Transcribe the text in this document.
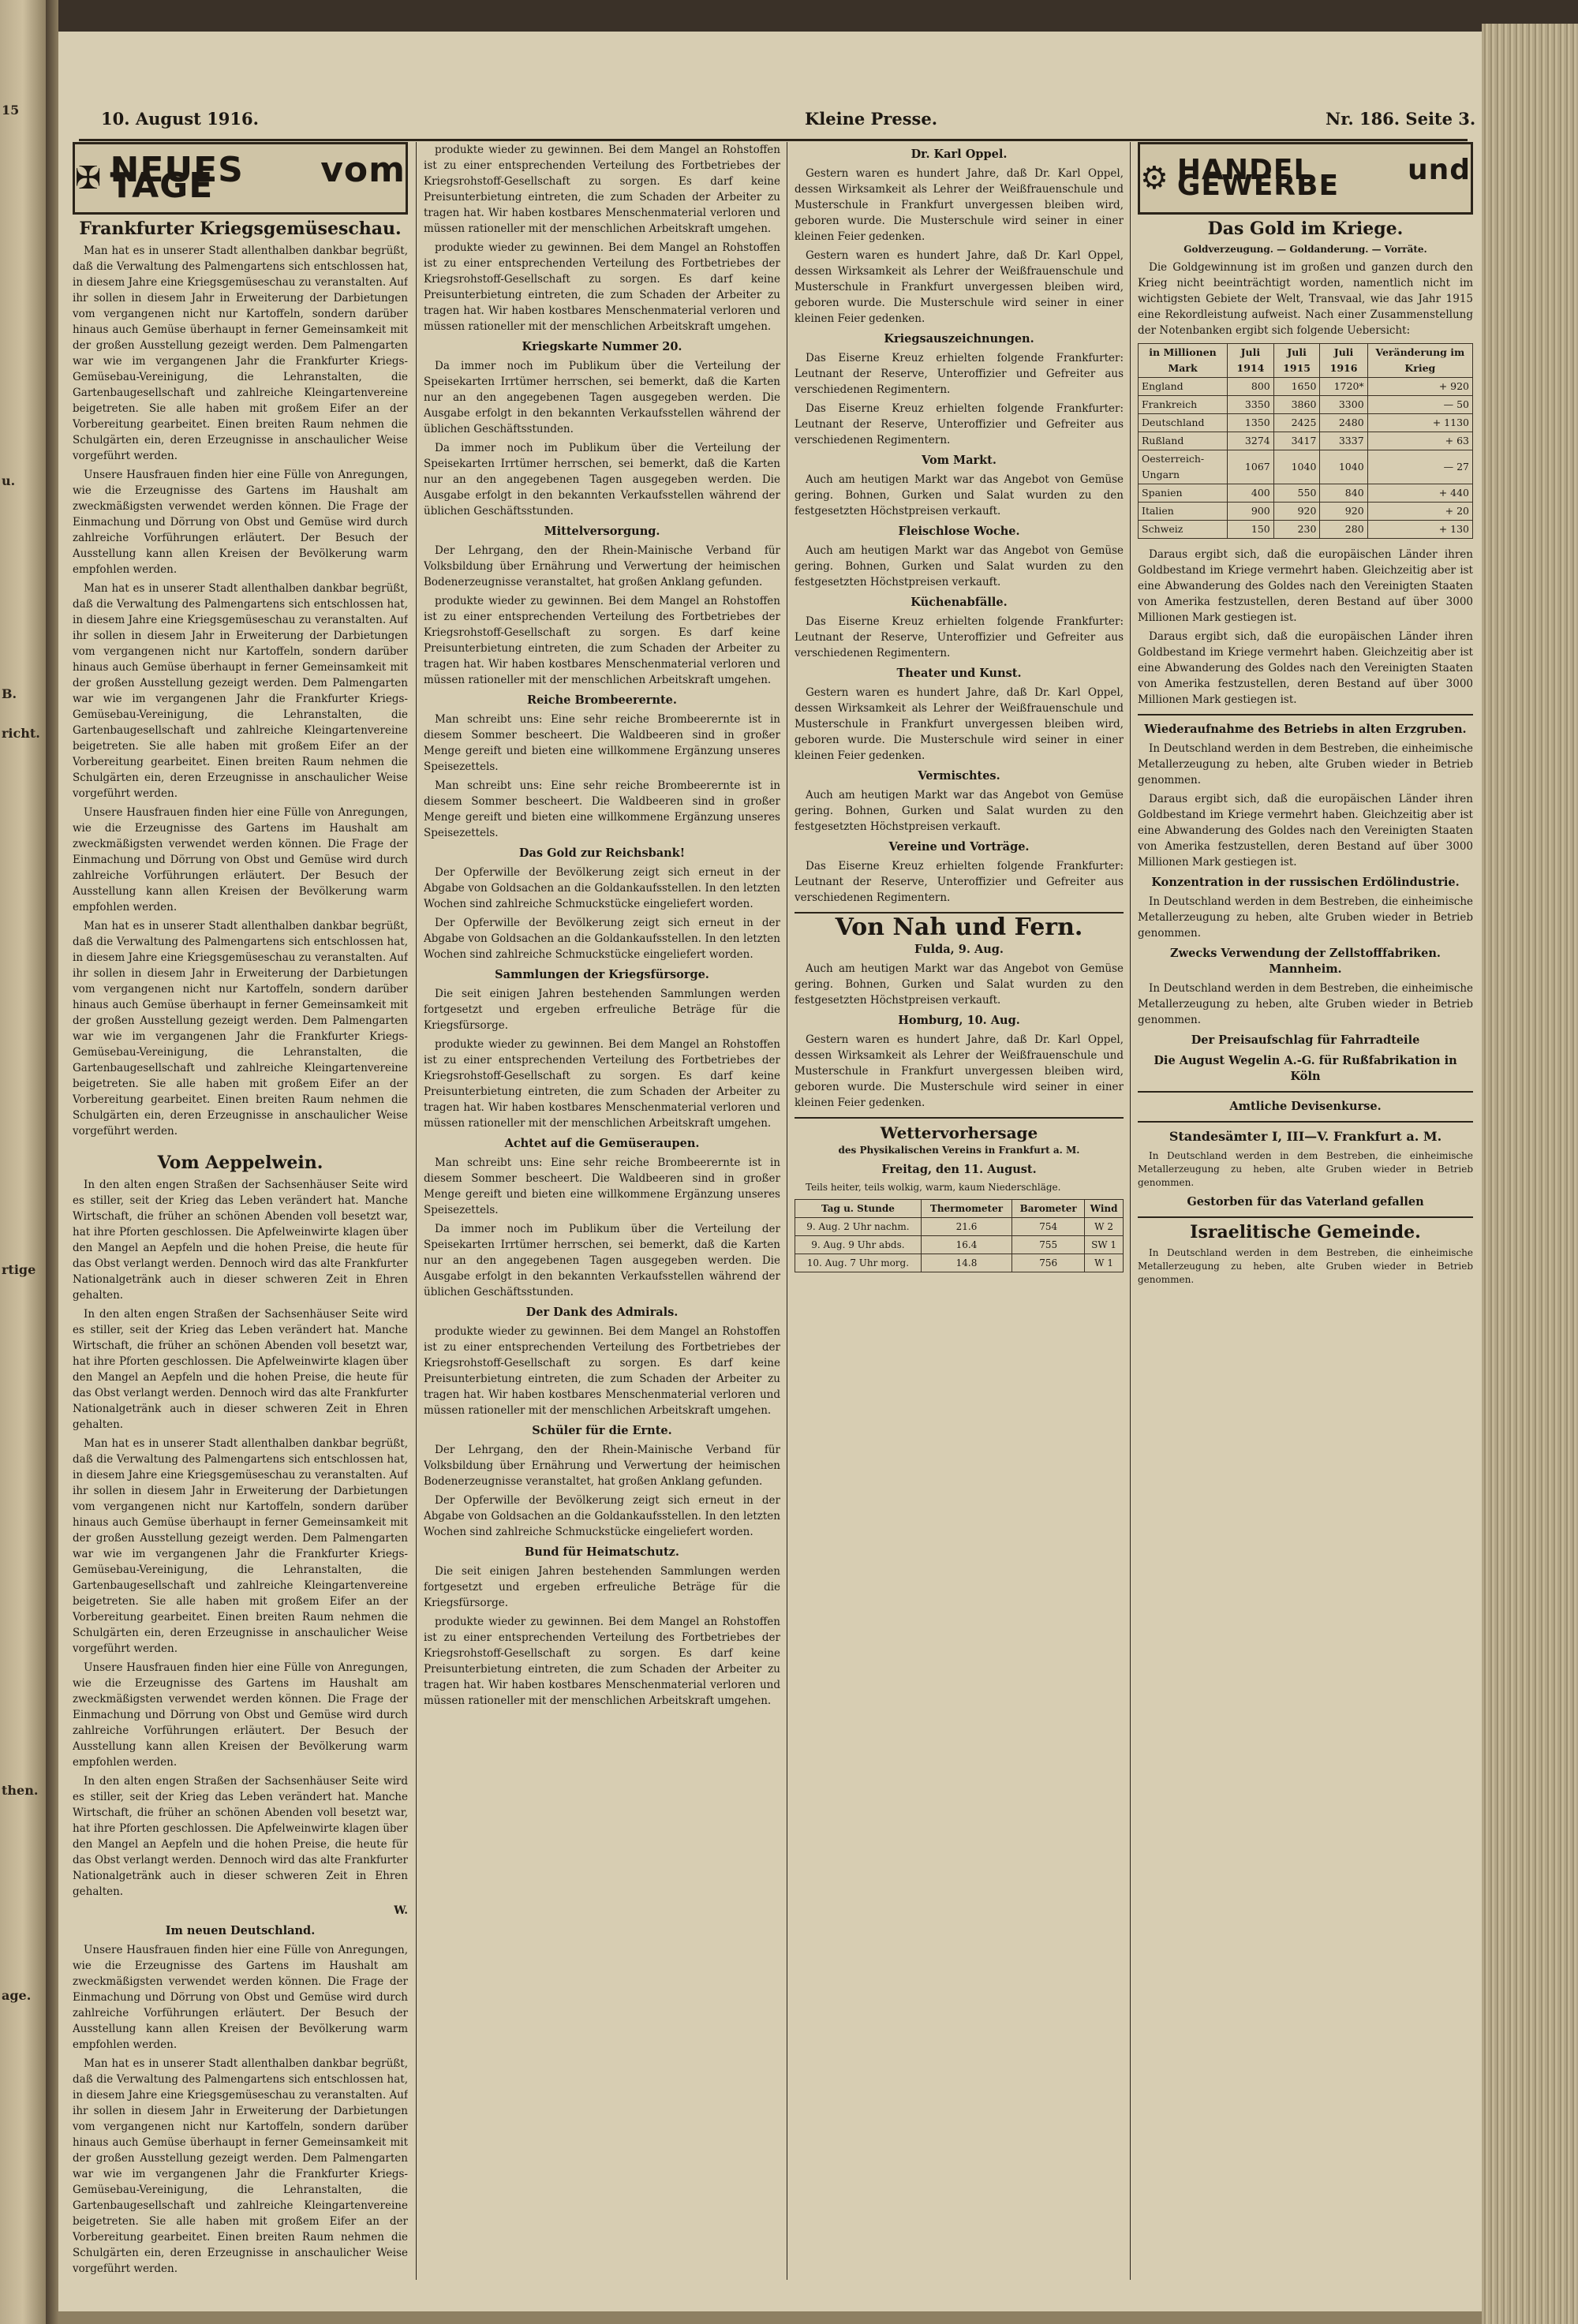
15
u.
B.
richt.
rtige
then.
age.
10. August 1916.	Kleine Presse.	Nr. 186. Seite 3.
✠ NEUES vom TAGE
Frankfurter Kriegsgemüseschau.

Man hat es in unserer Stadt allenthalben dankbar begrüßt, daß die Verwaltung des Palmengartens sich entschlossen hat, in diesem Jahre eine Kriegsgemüseschau zu veranstalten. Auf ihr sollen in diesem Jahr in Erweiterung der Darbietungen vom vergangenen nicht nur Kartoffeln, sondern darüber hinaus auch Gemüse überhaupt in ferner Gemeinsamkeit mit der großen Ausstellung gezeigt werden. Dem Palmengarten war wie im vergangenen Jahr die Frankfurter Kriegs-Gemüsebau-Vereinigung, die Lehranstalten, die Gartenbaugesellschaft und zahlreiche Kleingartenvereine beigetreten. Sie alle haben mit großem Eifer an der Vorbereitung gearbeitet. Einen breiten Raum nehmen die Schulgärten ein, deren Erzeugnisse in anschaulicher Weise vorgeführt werden.

Unsere Hausfrauen finden hier eine Fülle von Anregungen, wie die Erzeugnisse des Gartens im Haushalt am zweckmäßigsten verwendet werden können. Die Frage der Einmachung und Dörrung von Obst und Gemüse wird durch zahlreiche Vorführungen erläutert. Der Besuch der Ausstellung kann allen Kreisen der Bevölkerung warm empfohlen werden.

Man hat es in unserer Stadt allenthalben dankbar begrüßt, daß die Verwaltung des Palmengartens sich entschlossen hat, in diesem Jahre eine Kriegsgemüseschau zu veranstalten. Auf ihr sollen in diesem Jahr in Erweiterung der Darbietungen vom vergangenen nicht nur Kartoffeln, sondern darüber hinaus auch Gemüse überhaupt in ferner Gemeinsamkeit mit der großen Ausstellung gezeigt werden. Dem Palmengarten war wie im vergangenen Jahr die Frankfurter Kriegs-Gemüsebau-Vereinigung, die Lehranstalten, die Gartenbaugesellschaft und zahlreiche Kleingartenvereine beigetreten. Sie alle haben mit großem Eifer an der Vorbereitung gearbeitet. Einen breiten Raum nehmen die Schulgärten ein, deren Erzeugnisse in anschaulicher Weise vorgeführt werden.

Unsere Hausfrauen finden hier eine Fülle von Anregungen, wie die Erzeugnisse des Gartens im Haushalt am zweckmäßigsten verwendet werden können. Die Frage der Einmachung und Dörrung von Obst und Gemüse wird durch zahlreiche Vorführungen erläutert. Der Besuch der Ausstellung kann allen Kreisen der Bevölkerung warm empfohlen werden.

Man hat es in unserer Stadt allenthalben dankbar begrüßt, daß die Verwaltung des Palmengartens sich entschlossen hat, in diesem Jahre eine Kriegsgemüseschau zu veranstalten. Auf ihr sollen in diesem Jahr in Erweiterung der Darbietungen vom vergangenen nicht nur Kartoffeln, sondern darüber hinaus auch Gemüse überhaupt in ferner Gemeinsamkeit mit der großen Ausstellung gezeigt werden. Dem Palmengarten war wie im vergangenen Jahr die Frankfurter Kriegs-Gemüsebau-Vereinigung, die Lehranstalten, die Gartenbaugesellschaft und zahlreiche Kleingartenvereine beigetreten. Sie alle haben mit großem Eifer an der Vorbereitung gearbeitet. Einen breiten Raum nehmen die Schulgärten ein, deren Erzeugnisse in anschaulicher Weise vorgeführt werden.

Vom Aeppelwein.

In den alten engen Straßen der Sachsenhäuser Seite wird es stiller, seit der Krieg das Leben verändert hat. Manche Wirtschaft, die früher an schönen Abenden voll besetzt war, hat ihre Pforten geschlossen. Die Apfelweinwirte klagen über den Mangel an Aepfeln und die hohen Preise, die heute für das Obst verlangt werden. Dennoch wird das alte Frankfurter Nationalgetränk auch in dieser schweren Zeit in Ehren gehalten.

In den alten engen Straßen der Sachsenhäuser Seite wird es stiller, seit der Krieg das Leben verändert hat. Manche Wirtschaft, die früher an schönen Abenden voll besetzt war, hat ihre Pforten geschlossen. Die Apfelweinwirte klagen über den Mangel an Aepfeln und die hohen Preise, die heute für das Obst verlangt werden. Dennoch wird das alte Frankfurter Nationalgetränk auch in dieser schweren Zeit in Ehren gehalten.

Man hat es in unserer Stadt allenthalben dankbar begrüßt, daß die Verwaltung des Palmengartens sich entschlossen hat, in diesem Jahre eine Kriegsgemüseschau zu veranstalten. Auf ihr sollen in diesem Jahr in Erweiterung der Darbietungen vom vergangenen nicht nur Kartoffeln, sondern darüber hinaus auch Gemüse überhaupt in ferner Gemeinsamkeit mit der großen Ausstellung gezeigt werden. Dem Palmengarten war wie im vergangenen Jahr die Frankfurter Kriegs-Gemüsebau-Vereinigung, die Lehranstalten, die Gartenbaugesellschaft und zahlreiche Kleingartenvereine beigetreten. Sie alle haben mit großem Eifer an der Vorbereitung gearbeitet. Einen breiten Raum nehmen die Schulgärten ein, deren Erzeugnisse in anschaulicher Weise vorgeführt werden.

Unsere Hausfrauen finden hier eine Fülle von Anregungen, wie die Erzeugnisse des Gartens im Haushalt am zweckmäßigsten verwendet werden können. Die Frage der Einmachung und Dörrung von Obst und Gemüse wird durch zahlreiche Vorführungen erläutert. Der Besuch der Ausstellung kann allen Kreisen der Bevölkerung warm empfohlen werden.

In den alten engen Straßen der Sachsenhäuser Seite wird es stiller, seit der Krieg das Leben verändert hat. Manche Wirtschaft, die früher an schönen Abenden voll besetzt war, hat ihre Pforten geschlossen. Die Apfelweinwirte klagen über den Mangel an Aepfeln und die hohen Preise, die heute für das Obst verlangt werden. Dennoch wird das alte Frankfurter Nationalgetränk auch in dieser schweren Zeit in Ehren gehalten.

W.
Im neuen Deutschland.

Unsere Hausfrauen finden hier eine Fülle von Anregungen, wie die Erzeugnisse des Gartens im Haushalt am zweckmäßigsten verwendet werden können. Die Frage der Einmachung und Dörrung von Obst und Gemüse wird durch zahlreiche Vorführungen erläutert. Der Besuch der Ausstellung kann allen Kreisen der Bevölkerung warm empfohlen werden.

Man hat es in unserer Stadt allenthalben dankbar begrüßt, daß die Verwaltung des Palmengartens sich entschlossen hat, in diesem Jahre eine Kriegsgemüseschau zu veranstalten. Auf ihr sollen in diesem Jahr in Erweiterung der Darbietungen vom vergangenen nicht nur Kartoffeln, sondern darüber hinaus auch Gemüse überhaupt in ferner Gemeinsamkeit mit der großen Ausstellung gezeigt werden. Dem Palmengarten war wie im vergangenen Jahr die Frankfurter Kriegs-Gemüsebau-Vereinigung, die Lehranstalten, die Gartenbaugesellschaft und zahlreiche Kleingartenvereine beigetreten. Sie alle haben mit großem Eifer an der Vorbereitung gearbeitet. Einen breiten Raum nehmen die Schulgärten ein, deren Erzeugnisse in anschaulicher Weise vorgeführt werden.

produkte wieder zu gewinnen. Bei dem Mangel an Rohstoffen ist zu einer entsprechenden Verteilung des Fortbetriebes der Kriegsrohstoff-Gesellschaft zu sorgen. Es darf keine Preisunterbietung eintreten, die zum Schaden der Arbeiter zu tragen hat. Wir haben kostbares Menschenmaterial verloren und müssen rationeller mit der menschlichen Arbeitskraft umgehen.

produkte wieder zu gewinnen. Bei dem Mangel an Rohstoffen ist zu einer entsprechenden Verteilung des Fortbetriebes der Kriegsrohstoff-Gesellschaft zu sorgen. Es darf keine Preisunterbietung eintreten, die zum Schaden der Arbeiter zu tragen hat. Wir haben kostbares Menschenmaterial verloren und müssen rationeller mit der menschlichen Arbeitskraft umgehen.

Kriegskarte Nummer 20.

Da immer noch im Publikum über die Verteilung der Speisekarten Irrtümer herrschen, sei bemerkt, daß die Karten nur an den angegebenen Tagen ausgegeben werden. Die Ausgabe erfolgt in den bekannten Verkaufsstellen während der üblichen Geschäftsstunden.

Da immer noch im Publikum über die Verteilung der Speisekarten Irrtümer herrschen, sei bemerkt, daß die Karten nur an den angegebenen Tagen ausgegeben werden. Die Ausgabe erfolgt in den bekannten Verkaufsstellen während der üblichen Geschäftsstunden.

Mittelversorgung.

Der Lehrgang, den der Rhein-Mainische Verband für Volksbildung über Ernährung und Verwertung der heimischen Bodenerzeugnisse veranstaltet, hat großen Anklang gefunden.

produkte wieder zu gewinnen. Bei dem Mangel an Rohstoffen ist zu einer entsprechenden Verteilung des Fortbetriebes der Kriegsrohstoff-Gesellschaft zu sorgen. Es darf keine Preisunterbietung eintreten, die zum Schaden der Arbeiter zu tragen hat. Wir haben kostbares Menschenmaterial verloren und müssen rationeller mit der menschlichen Arbeitskraft umgehen.

Reiche Brombeerernte.

Man schreibt uns: Eine sehr reiche Brombeerernte ist in diesem Sommer bescheert. Die Waldbeeren sind in großer Menge gereift und bieten eine willkommene Ergänzung unseres Speisezettels.

Man schreibt uns: Eine sehr reiche Brombeerernte ist in diesem Sommer bescheert. Die Waldbeeren sind in großer Menge gereift und bieten eine willkommene Ergänzung unseres Speisezettels.

Das Gold zur Reichsbank!

Der Opferwille der Bevölkerung zeigt sich erneut in der Abgabe von Goldsachen an die Goldankaufsstellen. In den letzten Wochen sind zahlreiche Schmuckstücke eingeliefert worden.

Der Opferwille der Bevölkerung zeigt sich erneut in der Abgabe von Goldsachen an die Goldankaufsstellen. In den letzten Wochen sind zahlreiche Schmuckstücke eingeliefert worden.

Sammlungen der Kriegsfürsorge.

Die seit einigen Jahren bestehenden Sammlungen werden fortgesetzt und ergeben erfreuliche Beträge für die Kriegsfürsorge.

produkte wieder zu gewinnen. Bei dem Mangel an Rohstoffen ist zu einer entsprechenden Verteilung des Fortbetriebes der Kriegsrohstoff-Gesellschaft zu sorgen. Es darf keine Preisunterbietung eintreten, die zum Schaden der Arbeiter zu tragen hat. Wir haben kostbares Menschenmaterial verloren und müssen rationeller mit der menschlichen Arbeitskraft umgehen.

Achtet auf die Gemüseraupen.

Man schreibt uns: Eine sehr reiche Brombeerernte ist in diesem Sommer bescheert. Die Waldbeeren sind in großer Menge gereift und bieten eine willkommene Ergänzung unseres Speisezettels.

Da immer noch im Publikum über die Verteilung der Speisekarten Irrtümer herrschen, sei bemerkt, daß die Karten nur an den angegebenen Tagen ausgegeben werden. Die Ausgabe erfolgt in den bekannten Verkaufsstellen während der üblichen Geschäftsstunden.

Der Dank des Admirals.

produkte wieder zu gewinnen. Bei dem Mangel an Rohstoffen ist zu einer entsprechenden Verteilung des Fortbetriebes der Kriegsrohstoff-Gesellschaft zu sorgen. Es darf keine Preisunterbietung eintreten, die zum Schaden der Arbeiter zu tragen hat. Wir haben kostbares Menschenmaterial verloren und müssen rationeller mit der menschlichen Arbeitskraft umgehen.

Schüler für die Ernte.

Der Lehrgang, den der Rhein-Mainische Verband für Volksbildung über Ernährung und Verwertung der heimischen Bodenerzeugnisse veranstaltet, hat großen Anklang gefunden.

Der Opferwille der Bevölkerung zeigt sich erneut in der Abgabe von Goldsachen an die Goldankaufsstellen. In den letzten Wochen sind zahlreiche Schmuckstücke eingeliefert worden.

Bund für Heimatschutz.

Die seit einigen Jahren bestehenden Sammlungen werden fortgesetzt und ergeben erfreuliche Beträge für die Kriegsfürsorge.

produkte wieder zu gewinnen. Bei dem Mangel an Rohstoffen ist zu einer entsprechenden Verteilung des Fortbetriebes der Kriegsrohstoff-Gesellschaft zu sorgen. Es darf keine Preisunterbietung eintreten, die zum Schaden der Arbeiter zu tragen hat. Wir haben kostbares Menschenmaterial verloren und müssen rationeller mit der menschlichen Arbeitskraft umgehen.

Dr. Karl Oppel.

Gestern waren es hundert Jahre, daß Dr. Karl Oppel, dessen Wirksamkeit als Lehrer der Weißfrauenschule und Musterschule in Frankfurt unvergessen bleiben wird, geboren wurde. Die Musterschule wird seiner in einer kleinen Feier gedenken.

Gestern waren es hundert Jahre, daß Dr. Karl Oppel, dessen Wirksamkeit als Lehrer der Weißfrauenschule und Musterschule in Frankfurt unvergessen bleiben wird, geboren wurde. Die Musterschule wird seiner in einer kleinen Feier gedenken.

Kriegsauszeichnungen.

Das Eiserne Kreuz erhielten folgende Frankfurter: Leutnant der Reserve, Unteroffizier und Gefreiter aus verschiedenen Regimentern.

Das Eiserne Kreuz erhielten folgende Frankfurter: Leutnant der Reserve, Unteroffizier und Gefreiter aus verschiedenen Regimentern.

Vom Markt.

Auch am heutigen Markt war das Angebot von Gemüse gering. Bohnen, Gurken und Salat wurden zu den festgesetzten Höchstpreisen verkauft.

Fleischlose Woche.

Auch am heutigen Markt war das Angebot von Gemüse gering. Bohnen, Gurken und Salat wurden zu den festgesetzten Höchstpreisen verkauft.

Küchenabfälle.

Das Eiserne Kreuz erhielten folgende Frankfurter: Leutnant der Reserve, Unteroffizier und Gefreiter aus verschiedenen Regimentern.

Theater und Kunst.

Gestern waren es hundert Jahre, daß Dr. Karl Oppel, dessen Wirksamkeit als Lehrer der Weißfrauenschule und Musterschule in Frankfurt unvergessen bleiben wird, geboren wurde. Die Musterschule wird seiner in einer kleinen Feier gedenken.

Vermischtes.

Auch am heutigen Markt war das Angebot von Gemüse gering. Bohnen, Gurken und Salat wurden zu den festgesetzten Höchstpreisen verkauft.

Vereine und Vorträge.

Das Eiserne Kreuz erhielten folgende Frankfurter: Leutnant der Reserve, Unteroffizier und Gefreiter aus verschiedenen Regimentern.

Von Nah und Fern.
Fulda, 9. Aug.

Auch am heutigen Markt war das Angebot von Gemüse gering. Bohnen, Gurken und Salat wurden zu den festgesetzten Höchstpreisen verkauft.

Homburg, 10. Aug.

Gestern waren es hundert Jahre, daß Dr. Karl Oppel, dessen Wirksamkeit als Lehrer der Weißfrauenschule und Musterschule in Frankfurt unvergessen bleiben wird, geboren wurde. Die Musterschule wird seiner in einer kleinen Feier gedenken.

Wettervorhersage
des Physikalischen Vereins in Frankfurt a. M.
Freitag, den 11. August.

Teils heiter, teils wolkig, warm, kaum Niederschläge.

Tag u. Stunde	Thermometer	Barometer	Wind
9. Aug. 2 Uhr nachm.	21.6	754	W 2
9. Aug. 9 Uhr abds.	16.4	755	SW 1
10. Aug. 7 Uhr morg.	14.8	756	W 1
⚙ HANDEL und GEWERBE
Das Gold im Kriege.
Goldverzeugung. — Goldanderung. — Vorräte.

Die Goldgewinnung ist im großen und ganzen durch den Krieg nicht beeinträchtigt worden, namentlich nicht im wichtigsten Gebiete der Welt, Transvaal, wie das Jahr 1915 eine Rekordleistung aufweist. Nach einer Zusammenstellung der Notenbanken ergibt sich folgende Uebersicht:

in Millionen Mark	Juli 1914	Juli 1915	Juli 1916	Veränderung im Krieg
England	800	1650	1720*	+ 920
Frankreich	3350	3860	3300	— 50
Deutschland	1350	2425	2480	+ 1130
Rußland	3274	3417	3337	+ 63
Oesterreich-Ungarn	1067	1040	1040	— 27
Spanien	400	550	840	+ 440
Italien	900	920	920	+ 20
Schweiz	150	230	280	+ 130

Daraus ergibt sich, daß die europäischen Länder ihren Goldbestand im Kriege vermehrt haben. Gleichzeitig aber ist eine Abwanderung des Goldes nach den Vereinigten Staaten von Amerika festzustellen, deren Bestand auf über 3000 Millionen Mark gestiegen ist.

Daraus ergibt sich, daß die europäischen Länder ihren Goldbestand im Kriege vermehrt haben. Gleichzeitig aber ist eine Abwanderung des Goldes nach den Vereinigten Staaten von Amerika festzustellen, deren Bestand auf über 3000 Millionen Mark gestiegen ist.

Wiederaufnahme des Betriebs in alten Erzgruben.

In Deutschland werden in dem Bestreben, die einheimische Metallerzeugung zu heben, alte Gruben wieder in Betrieb genommen.

Daraus ergibt sich, daß die europäischen Länder ihren Goldbestand im Kriege vermehrt haben. Gleichzeitig aber ist eine Abwanderung des Goldes nach den Vereinigten Staaten von Amerika festzustellen, deren Bestand auf über 3000 Millionen Mark gestiegen ist.

Konzentration in der russischen Erdölindustrie.

In Deutschland werden in dem Bestreben, die einheimische Metallerzeugung zu heben, alte Gruben wieder in Betrieb genommen.

Zwecks Verwendung der Zellstofffabriken. Mannheim.

In Deutschland werden in dem Bestreben, die einheimische Metallerzeugung zu heben, alte Gruben wieder in Betrieb genommen.

Der Preisaufschlag für Fahrradteile
Die August Wegelin A.-G. für Rußfabrikation in Köln
Amtliche Devisenkurse.
Standesämter I, III—V. Frankfurt a. M.

In Deutschland werden in dem Bestreben, die einheimische Metallerzeugung zu heben, alte Gruben wieder in Betrieb genommen.

Gestorben für das Vaterland gefallen
Israelitische Gemeinde.

In Deutschland werden in dem Bestreben, die einheimische Metallerzeugung zu heben, alte Gruben wieder in Betrieb genommen.
